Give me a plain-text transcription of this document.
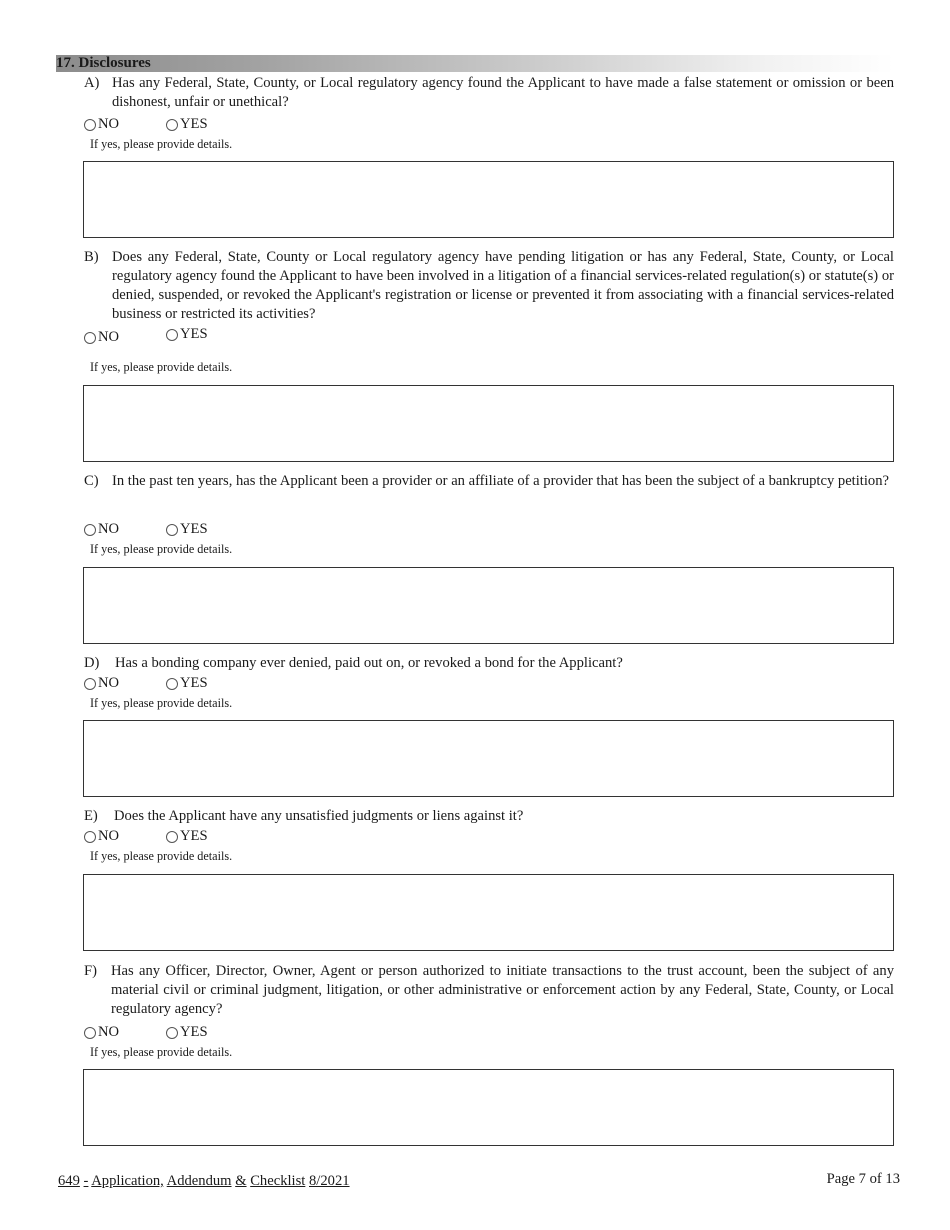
17. Disclosures
A) Has any Federal, State, County, or Local regulatory agency found the Applicant to have made a false statement or omission or been dishonest, unfair or unethical?
NO	YES
If yes, please provide details.
B) Does any Federal, State, County or Local regulatory agency have pending litigation or has any Federal, State, County, or Local regulatory agency found the Applicant to have been involved in a litigation of a financial services-related regulation(s) or statute(s) or denied, suspended, or revoked the Applicant's registration or license or prevented it from associating with a financial services-related business or restricted its activities?
NO	YES
If yes, please provide details.
C) In the past ten years, has the Applicant been a provider or an affiliate of a provider that has been the subject of a bankruptcy petition?
NO	YES
If yes, please provide details.
D)	Has a bonding company ever denied, paid out on, or revoked a bond for the Applicant?
NO	YES
If yes, please provide details.
E)	Does the Applicant have any unsatisfied judgments or liens against it?
NO	YES
If yes, please provide details.
F) Has any Officer, Director, Owner, Agent or person authorized to initiate transactions to the trust account, been the subject of any material civil or criminal judgment, litigation, or other administrative or enforcement action by any Federal, State, County, or Local regulatory agency?
NO	YES
If yes, please provide details.
649 - Application, Addendum & Checklist 8/2021	Page 7 of 13
